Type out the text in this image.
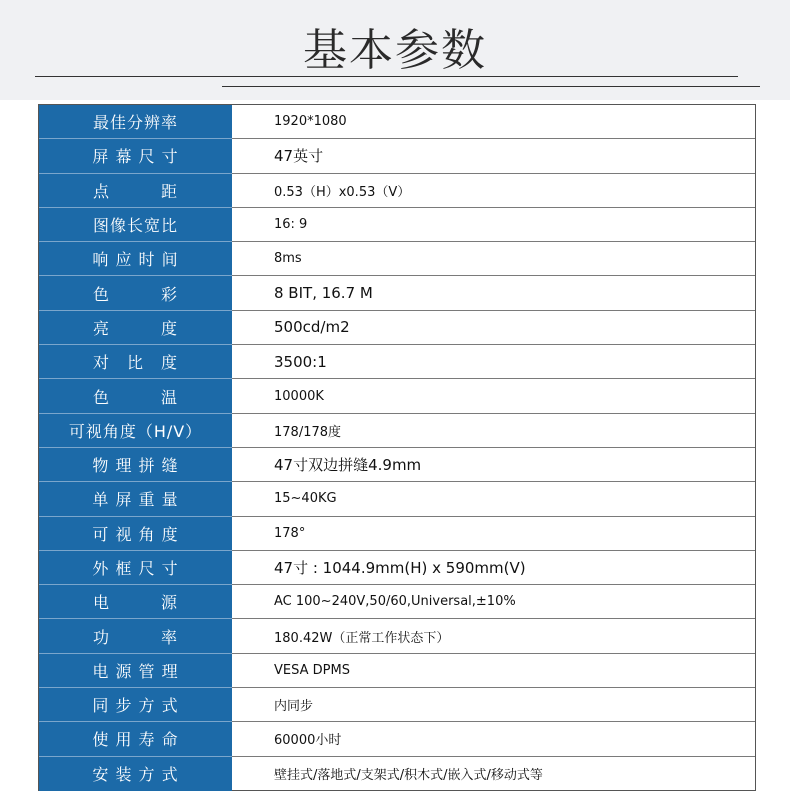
基本参数
最佳分辨率	1920*1080
屏 幕 尺 寸	47英寸
点　　　距	0.53（H）x0.53（V）
图像长宽比	16: 9
响 应 时 间	8ms
色　　　彩	8 BIT, 16.7 M
亮　　　度	500cd/m2
对　比　度	3500:1
色　　　温	10000K
可视角度（H/V）	178/178度
物 理 拼 缝	47寸双边拼缝4.9mm
单 屏 重 量	15~40KG
可 视 角 度	178°
外 框 尺 寸	47寸 : 1044.9mm(H) x 590mm(V)
电　　　源	AC 100~240V,50/60,Universal,±10%
功　　　率	180.42W（正常工作状态下）
电 源 管 理	VESA DPMS
同 步 方 式	内同步
使 用 寿 命	60000小时
安 装 方 式	壁挂式/落地式/支架式/积木式/嵌入式/移动式等
